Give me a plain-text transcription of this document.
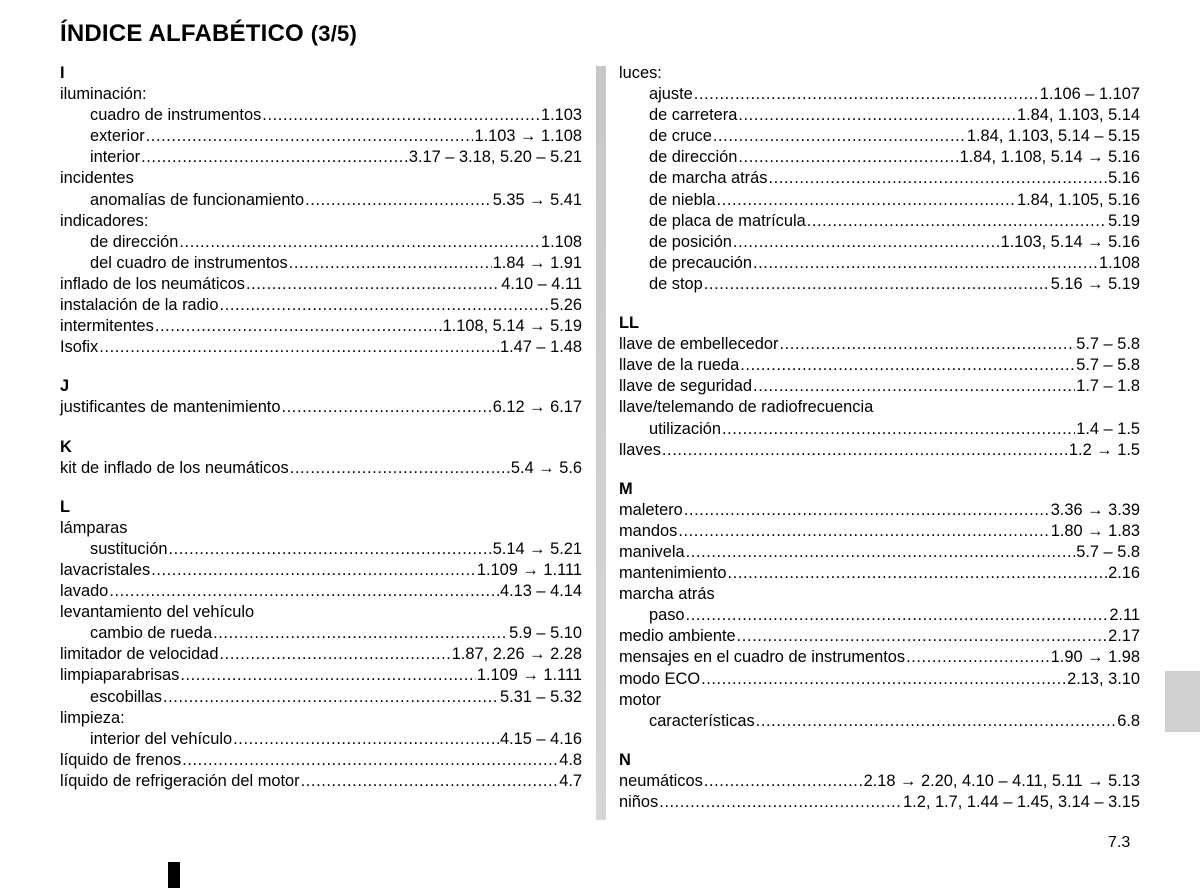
ÍNDICE ALFABÉTICO (3/5)
I
iluminación:
cuadro de instrumentos .....	1.103
exterior .....	1.103 → 1.108
interior .....	3.17 – 3.18, 5.20 – 5.21
incidentes
anomalías de funcionamiento .....	5.35 → 5.41
indicadores:
de dirección .....	1.108
del cuadro de instrumentos .....	1.84 → 1.91
inflado de los neumáticos .....	4.10 – 4.11
instalación de la radio .....	5.26
intermitentes .....	1.108, 5.14 → 5.19
Isofix .....	1.47 – 1.48
J
justificantes de mantenimiento .....	6.12 → 6.17
K
kit de inflado de los neumáticos .....	5.4 → 5.6
L
lámparas
sustitución .....	5.14 → 5.21
lavacristales .....	1.109 → 1.111
lavado .....	4.13 – 4.14
levantamiento del vehículo
cambio de rueda .....	5.9 – 5.10
limitador de velocidad .....	1.87, 2.26 → 2.28
limpiaparabrisas .....	1.109 → 1.111
escobillas .....	5.31 – 5.32
limpieza:
interior del vehículo .....	4.15 – 4.16
líquido de frenos .....	4.8
líquido de refrigeración del motor .....	4.7
luces:
ajuste .....	1.106 – 1.107
de carretera .....	1.84, 1.103, 5.14
de cruce .....	1.84, 1.103, 5.14 – 5.15
de dirección .....	1.84, 1.108, 5.14 → 5.16
de marcha atrás .....	5.16
de niebla .....	1.84, 1.105, 5.16
de placa de matrícula .....	5.19
de posición .....	1.103, 5.14 → 5.16
de precaución .....	1.108
de stop .....	5.16 → 5.19
LL
llave de embellecedor .....	5.7 – 5.8
llave de la rueda .....	5.7 – 5.8
llave de seguridad .....	1.7 – 1.8
llave/telemando de radiofrecuencia
utilización .....	1.4 – 1.5
llaves .....	1.2 → 1.5
M
maletero .....	3.36 → 3.39
mandos .....	1.80 → 1.83
manivela .....	5.7 – 5.8
mantenimiento .....	2.16
marcha atrás
paso .....	2.11
medio ambiente .....	2.17
mensajes en el cuadro de instrumentos .....	1.90 → 1.98
modo ECO .....	2.13, 3.10
motor
características .....	6.8
N
neumáticos .....	2.18 → 2.20, 4.10 – 4.11, 5.11 → 5.13
niños .....	1.2, 1.7, 1.44 – 1.45, 3.14 – 3.15
7.3
